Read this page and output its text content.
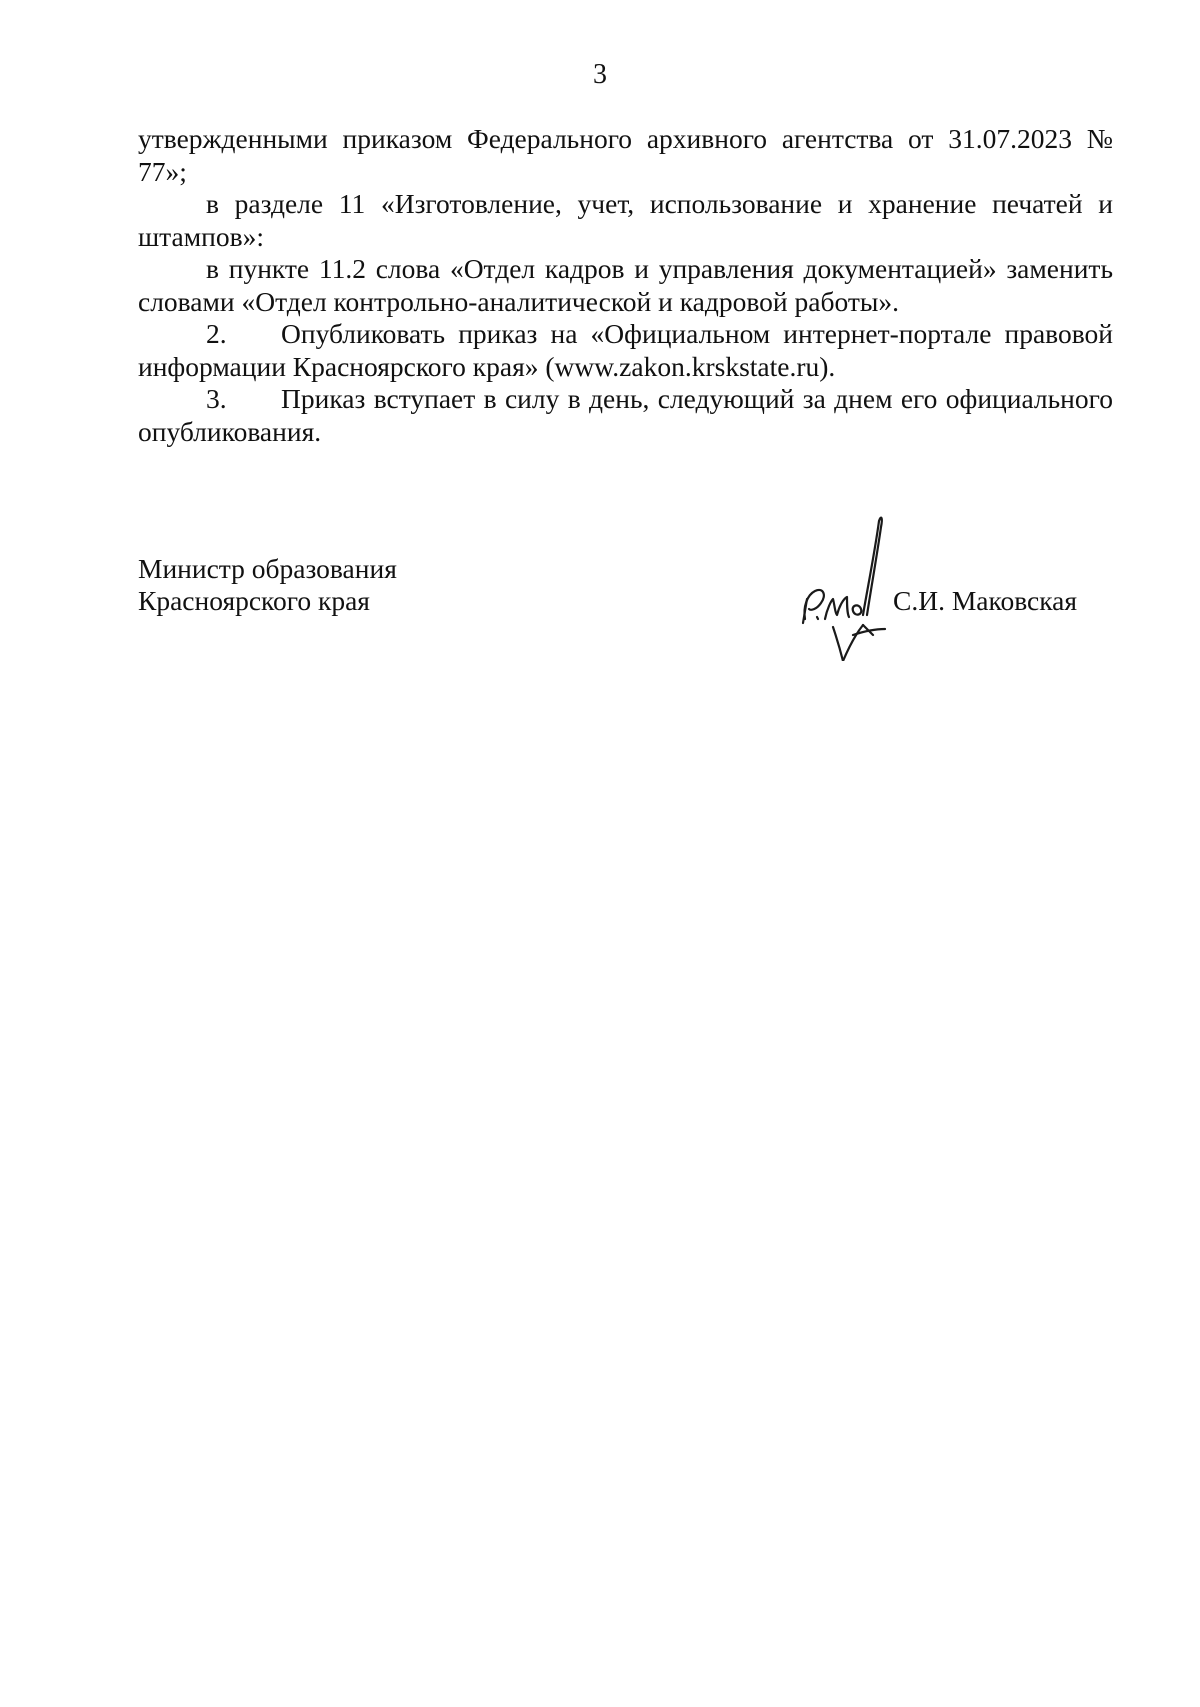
3

утвержденными приказом Федерального архивного агентства от 31.07.2023 № 77»;

в разделе 11 «Изготовление, учет, использование и хранение печатей и штампов»:

в пункте 11.2 слова «Отдел кадров и управления документацией» заменить словами «Отдел контрольно-аналитической и кадровой работы».

2. Опубликовать приказ на «Официальном интернет-портале правовой информации Красноярского края» (www.zakon.krskstate.ru).

3. Приказ вступает в силу в день, следующий за днем его официального опубликования.

Министр образования
Красноярского края	С.И. Маковская
